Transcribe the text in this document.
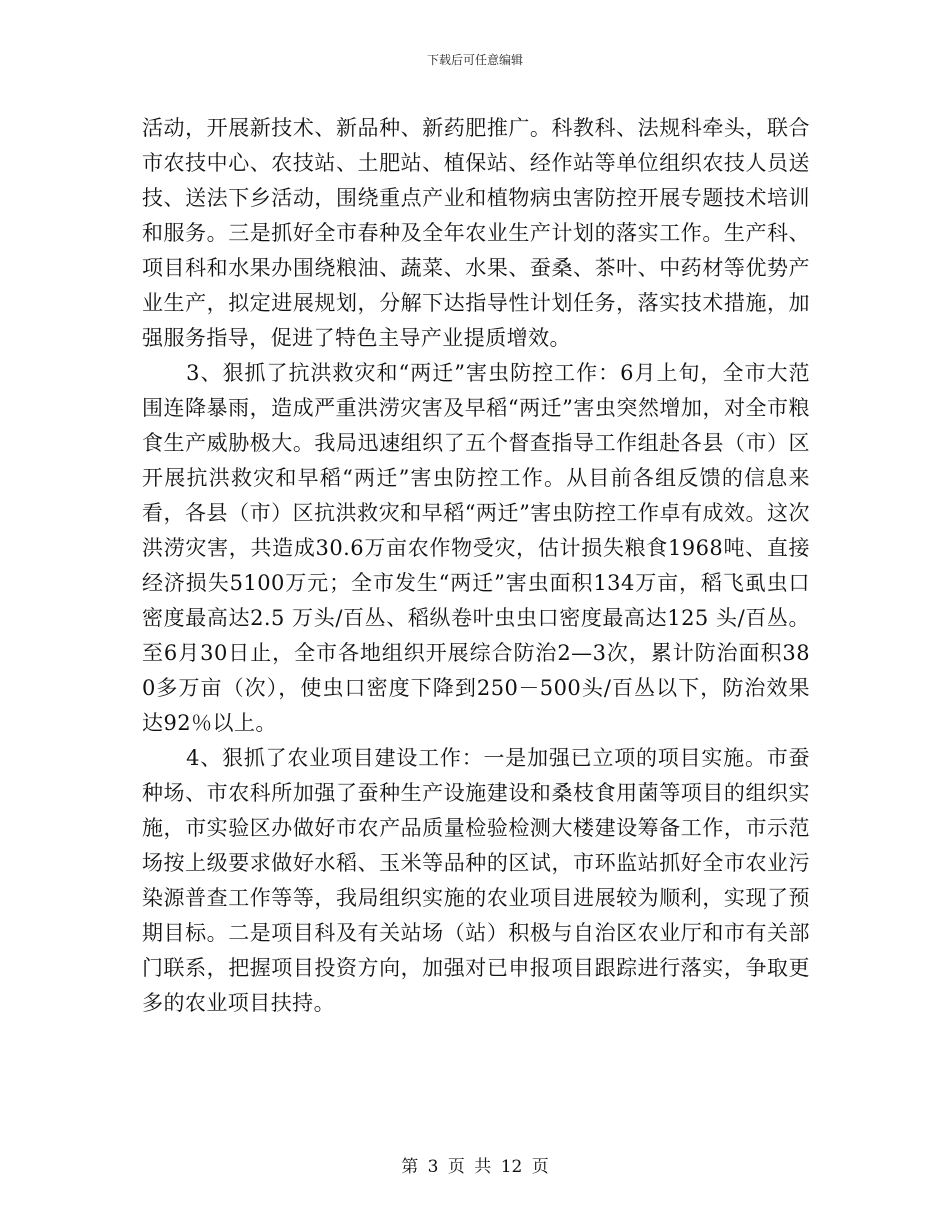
下载后可任意编辑

活动，开展新技术、新品种、新药肥推广。科教科、法规科牵头，联合市农技中心、农技站、土肥站、植保站、经作站等单位组织农技人员送技、送法下乡活动，围绕重点产业和植物病虫害防控开展专题技术培训和服务。三是抓好全市春种及全年农业生产计划的落实工作。生产科、项目科和水果办围绕粮油、蔬菜、水果、蚕桑、茶叶、中药材等优势产业生产，拟定进展规划，分解下达指导性计划任务，落实技术措施，加强服务指导，促进了特色主导产业提质增效。

3、狠抓了抗洪救灾和“两迁”害虫防控工作：6月上旬，全市大范围连降暴雨，造成严重洪涝灾害及早稻“两迁”害虫突然增加，对全市粮食生产威胁极大。我局迅速组织了五个督查指导工作组赴各县（市）区开展抗洪救灾和早稻“两迁”害虫防控工作。从目前各组反馈的信息来看，各县（市）区抗洪救灾和早稻“两迁”害虫防控工作卓有成效。这次洪涝灾害，共造成30.6万亩农作物受灾，估计损失粮食1968吨、直接经济损失5100万元；全市发生“两迁”害虫面积134万亩，稻飞虱虫口密度最高达2.5 万头/百丛、稻纵卷叶虫虫口密度最高达125 头/百丛。至6月30日止，全市各地组织开展综合防治2—3次，累计防治面积380多万亩（次），使虫口密度下降到250－500头/百丛以下，防治效果达92％以上。

4、狠抓了农业项目建设工作：一是加强已立项的项目实施。市蚕种场、市农科所加强了蚕种生产设施建设和桑枝食用菌等项目的组织实施，市实验区办做好市农产品质量检验检测大楼建设筹备工作，市示范场按上级要求做好水稻、玉米等品种的区试，市环监站抓好全市农业污染源普查工作等等，我局组织实施的农业项目进展较为顺利，实现了预期目标。二是项目科及有关站场（站）积极与自治区农业厅和市有关部门联系，把握项目投资方向，加强对已申报项目跟踪进行落实，争取更多的农业项目扶持。

第 3 页 共 12 页
